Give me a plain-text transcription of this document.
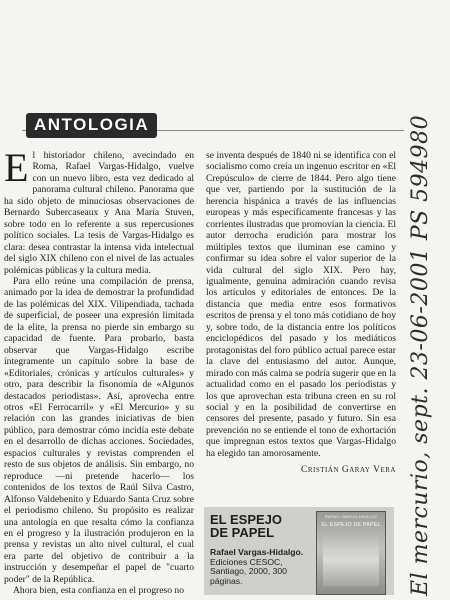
ANTOLOGIA

El historiador chileno, avecindado en Roma, Rafael Vargas-Hidalgo, vuelve con un nuevo libro, esta vez dedicado al panorama cultural chileno. Panorama que ha sido objeto de minuciosas observaciones de Bernardo Subercaseaux y Ana María Stuven, sobre todo en lo referente a sus repercusiones político sociales. La tesis de Vargas-Hidalgo es clara: desea contrastar la intensa vida intelectual del siglo XIX chileno con el nivel de las actuales polémicas públicas y la cultura media.

Para ello reúne una compilación de prensa, animado por la idea de demostrar la profundidad de las polémicas del XIX. Vilipendiada, tachada de superficial, de poseer una expresión limitada de la elite, la prensa no pierde sin embargo su capacidad de fuente. Para probarlo, basta observar que Vargas-Hidalgo escribe íntegramente un capítulo sobre la base de «Editoriales, crónicas y artículos culturales» y otro, para describir la fisonomía de «Algunos destacados periodistas». Así, aprovecha entre otros «El Ferrocarril» y «El Mercurio» y su relación con las grandes iniciativas de bien público, para demostrar cómo incidía este debate en el desarrollo de dichas acciones. Sociedades, espacios culturales y revistas comprenden el resto de sus objetos de análisis. Sin embargo, no reproduce —ni pretende hacerlo— los contenidos de los textos de Raúl Silva Castro, Alfonso Valdebenito y Eduardo Santa Cruz sobre el periodismo chileno. Su propósito es realizar una antología en que resalta cómo la confianza en el progreso y la ilustración produjeron en la prensa y revistas un alto nivel cultural, el cual era parte del objetivo de contribuir a la instrucción y desempeñar el papel de "cuarto poder" de la República.

Ahora bien, esta confianza en el progreso no

se inventa después de 1840 ni se identifica con el socialismo como creía un ingenuo escritor en «El Crepúsculo» de cierre de 1844. Pero algo tiene que ver, partiendo por la sustitución de la herencia hispánica a través de las influencias europeas y más específicamente francesas y las corrientes ilustradas que promovían la ciencia. El autor derrocha erudición para mostrar los múltiples textos que iluminan ese camino y confirmar su idea sobre el valor superior de la vida cultural del siglo XIX. Pero hay, igualmente, genuina admiración cuando revisa los artículos y editoriales de entonces. De la distancia que media entre esos formativos escritos de prensa y el tono más cotidiano de hoy y, sobre todo, de la distancia entre los políticos enciclopédicos del pasado y los mediáticos protagonistas del foro público actual parece estar la clave del entusiasmo del autor. Aunque, mirado con más calma se podría sugerir que en la actualidad como en el pasado los periodistas y los que aprovechan esta tribuna creen en su rol social y en la posibilidad de convertirse en censores del presente, pasado y futuro. Sin esa prevención no se entiende el tono de exhortación que impregnan estos textos que Vargas-Hidalgo ha elegido tan amorosamente.

Cristián Garay Vera
EL ESPEJO
DE PAPEL
Rafael Vargas-Hidalgo.
Ediciones CESOC, Santiago, 2000, 300 páginas.
RAFAEL VARGAS-HIDALGO
EL ESPEJO DE PAPEL El mercurio, sept. 23-06-2001 PS 594980
